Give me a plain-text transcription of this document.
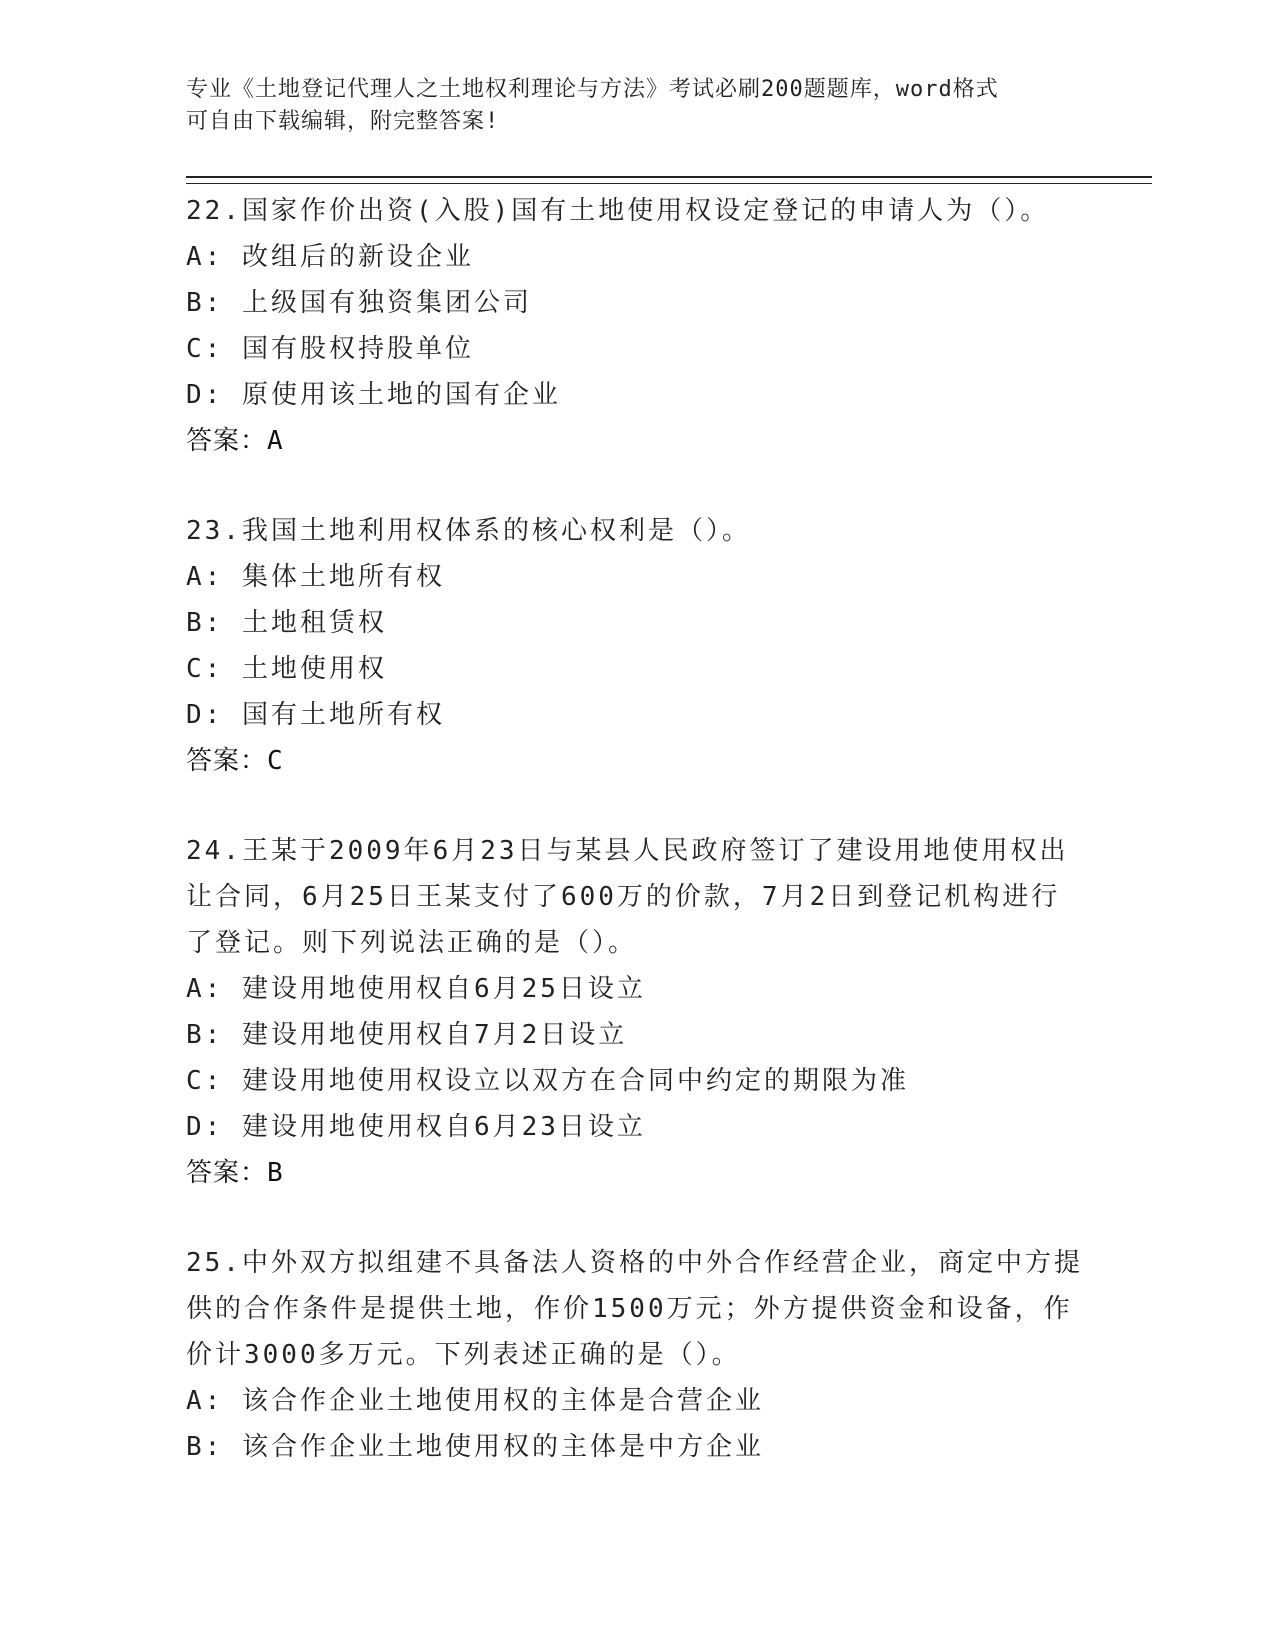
专业《土地登记代理人之土地权利理论与方法》考试必刷200题题库，word格式
可自由下载编辑，附完整答案!
22.国家作价出资(入股)国有土地使用权设定登记的申请人为（）。
A: 改组后的新设企业
B: 上级国有独资集团公司
C: 国有股权持股单位
D: 原使用该土地的国有企业
答案：A
23.我国土地利用权体系的核心权利是（）。
A: 集体土地所有权
B: 土地租赁权
C: 土地使用权
D: 国有土地所有权
答案：C
24.王某于2009年6月23日与某县人民政府签订了建设用地使用权出让合同，6月25日王某支付了600万的价款，7月2日到登记机构进行了登记。则下列说法正确的是（）。
A: 建设用地使用权自6月25日设立
B: 建设用地使用权自7月2日设立
C: 建设用地使用权设立以双方在合同中约定的期限为准
D: 建设用地使用权自6月23日设立
答案：B
25.中外双方拟组建不具备法人资格的中外合作经营企业，商定中方提供的合作条件是提供土地，作价1500万元；外方提供资金和设备，作价计3000多万元。下列表述正确的是（）。
A: 该合作企业土地使用权的主体是合营企业
B: 该合作企业土地使用权的主体是中方企业
